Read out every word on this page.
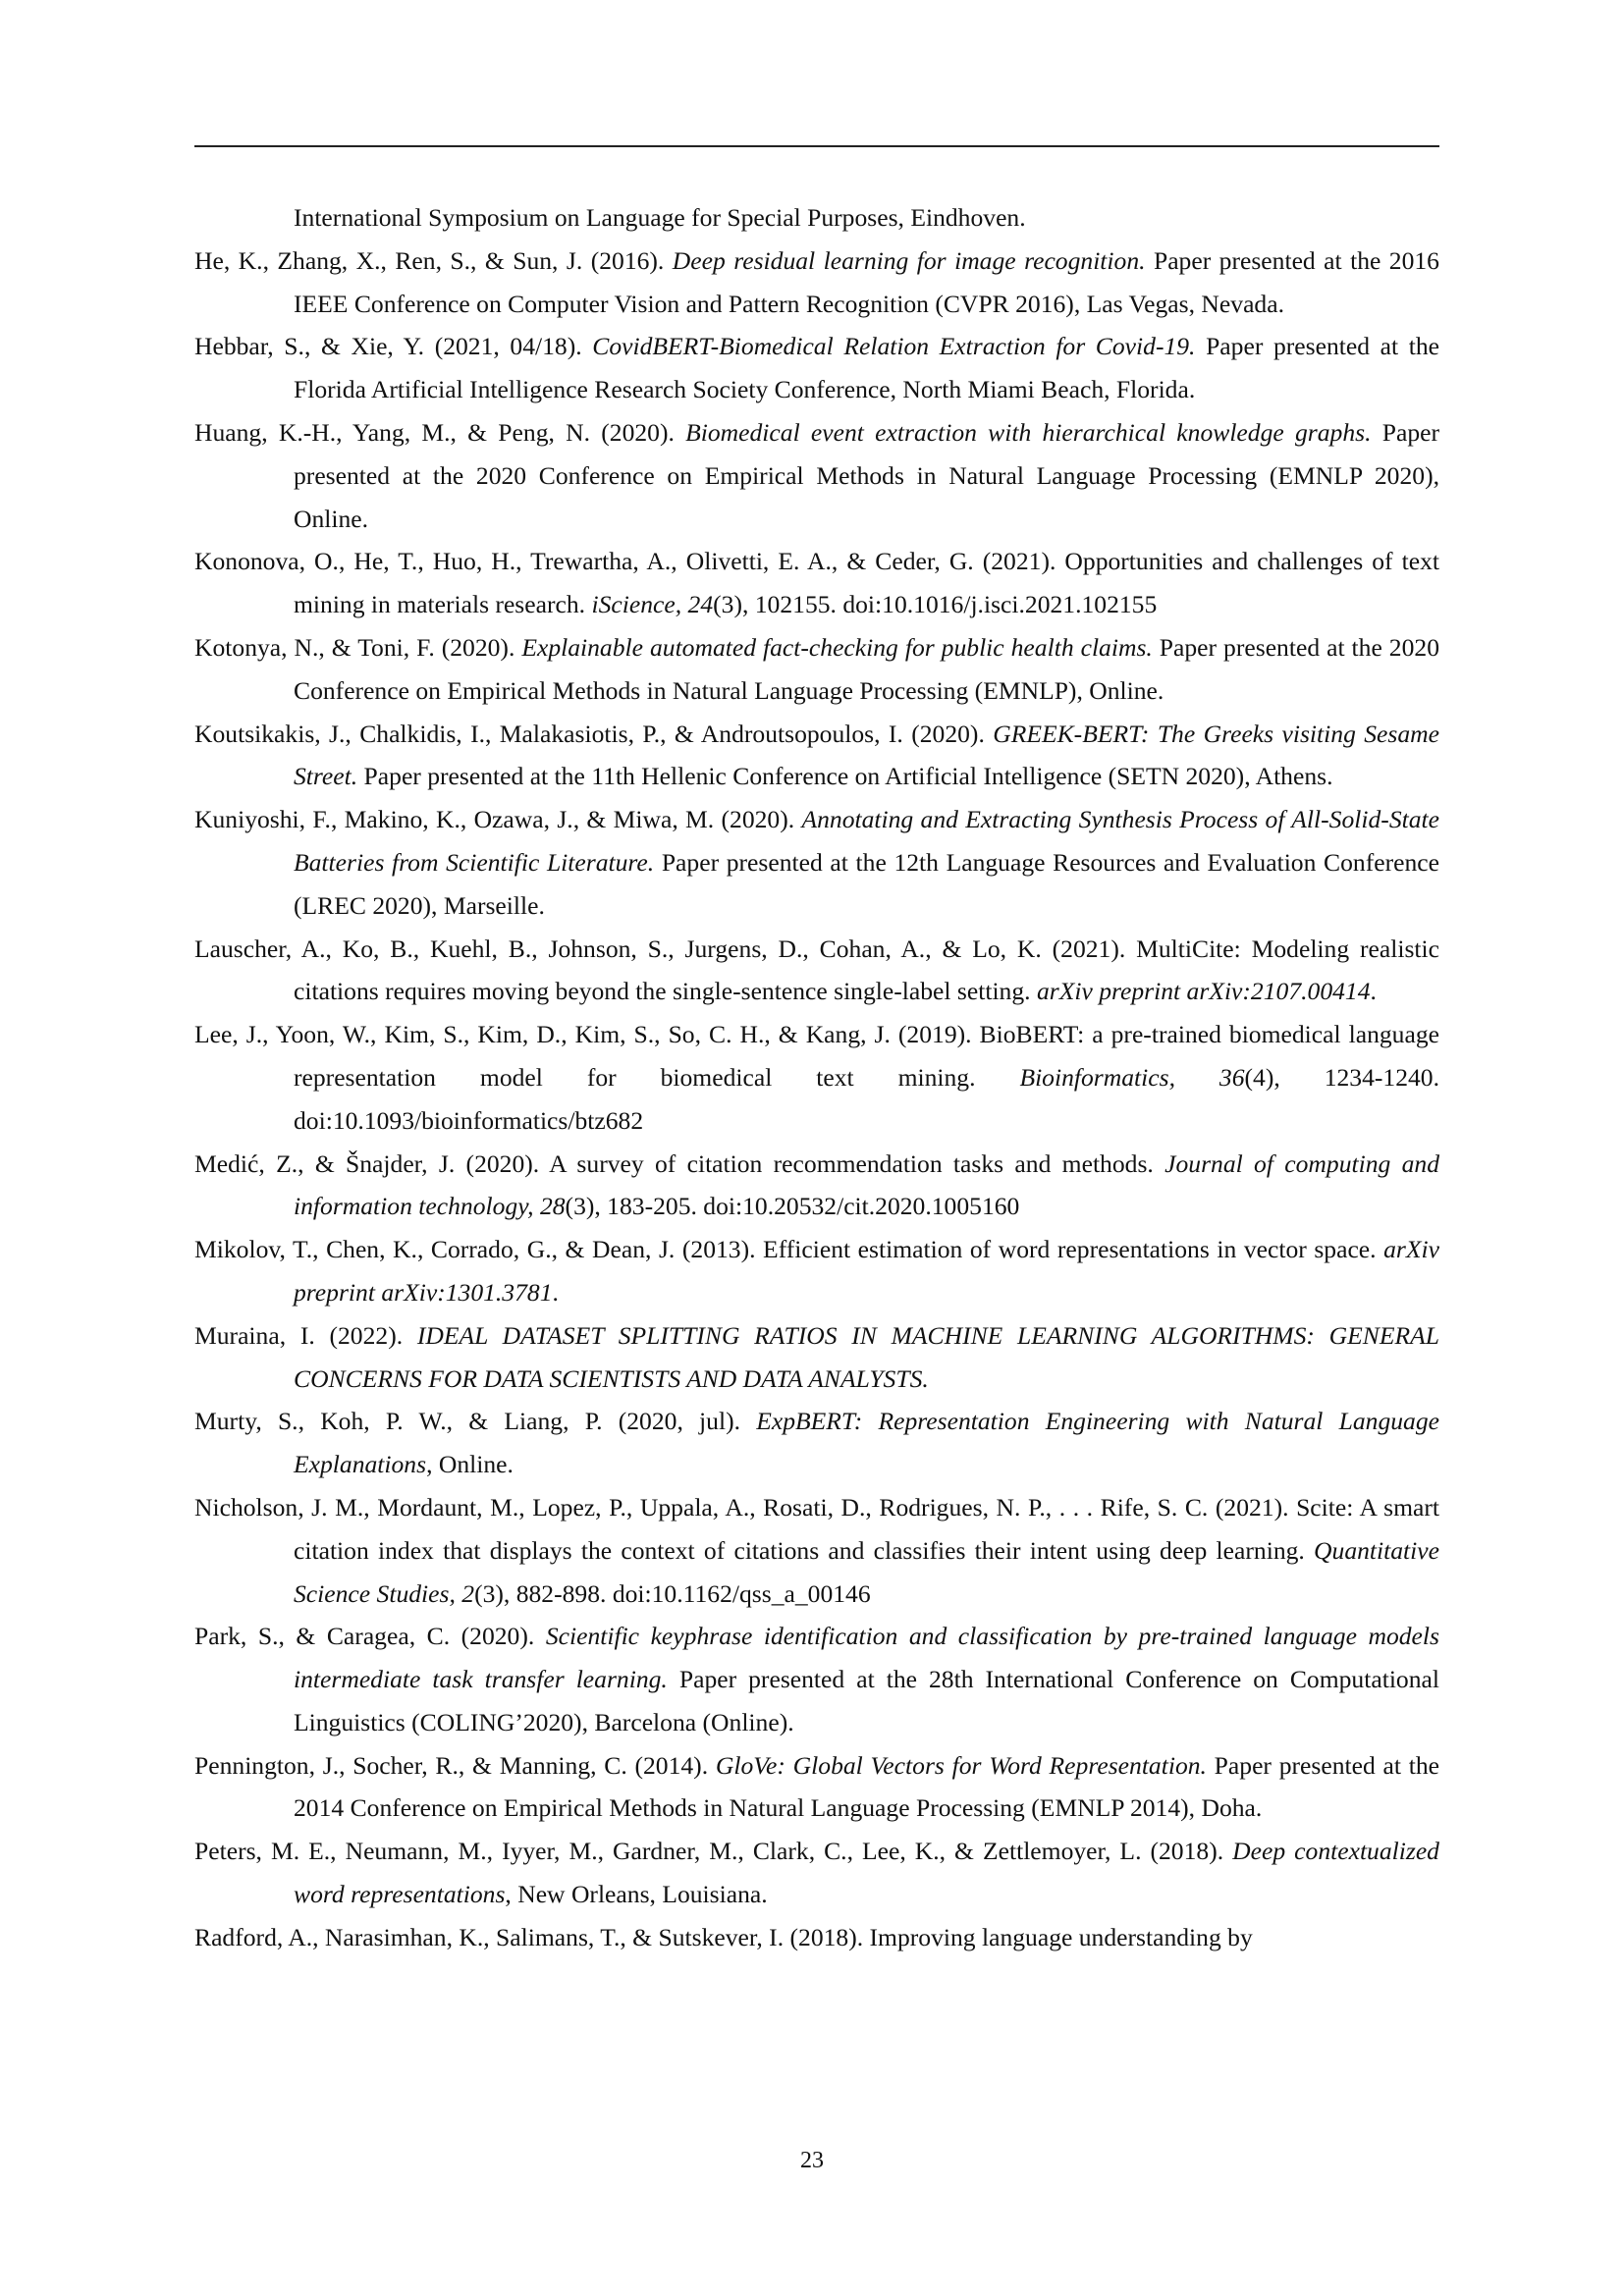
International Symposium on Language for Special Purposes, Eindhoven.

He, K., Zhang, X., Ren, S., & Sun, J. (2016). Deep residual learning for image recognition. Paper presented at the 2016 IEEE Conference on Computer Vision and Pattern Recognition (CVPR 2016), Las Vegas, Nevada.

Hebbar, S., & Xie, Y. (2021, 04/18). CovidBERT-Biomedical Relation Extraction for Covid-19. Paper presented at the Florida Artificial Intelligence Research Society Conference, North Miami Beach, Florida.

Huang, K.-H., Yang, M., & Peng, N. (2020). Biomedical event extraction with hierarchical knowledge graphs. Paper presented at the 2020 Conference on Empirical Methods in Natural Language Processing (EMNLP 2020), Online.

Kononova, O., He, T., Huo, H., Trewartha, A., Olivetti, E. A., & Ceder, G. (2021). Opportunities and challenges of text mining in materials research. iScience, 24(3), 102155. doi:10.1016/j.isci.2021.102155

Kotonya, N., & Toni, F. (2020). Explainable automated fact-checking for public health claims. Paper presented at the 2020 Conference on Empirical Methods in Natural Language Processing (EMNLP), Online.

Koutsikakis, J., Chalkidis, I., Malakasiotis, P., & Androutsopoulos, I. (2020). GREEK-BERT: The Greeks visiting Sesame Street. Paper presented at the 11th Hellenic Conference on Artificial Intelligence (SETN 2020), Athens.

Kuniyoshi, F., Makino, K., Ozawa, J., & Miwa, M. (2020). Annotating and Extracting Synthesis Process of All-Solid-State Batteries from Scientific Literature. Paper presented at the 12th Language Resources and Evaluation Conference (LREC 2020), Marseille.

Lauscher, A., Ko, B., Kuehl, B., Johnson, S., Jurgens, D., Cohan, A., & Lo, K. (2021). MultiCite: Modeling realistic citations requires moving beyond the single-sentence single-label setting. arXiv preprint arXiv:2107.00414.

Lee, J., Yoon, W., Kim, S., Kim, D., Kim, S., So, C. H., & Kang, J. (2019). BioBERT: a pre-trained biomedical language representation model for biomedical text mining. Bioinformatics, 36(4), 1234-1240. doi:10.1093/bioinformatics/btz682

Medić, Z., & Šnajder, J. (2020). A survey of citation recommendation tasks and methods. Journal of computing and information technology, 28(3), 183-205. doi:10.20532/cit.2020.1005160

Mikolov, T., Chen, K., Corrado, G., & Dean, J. (2013). Efficient estimation of word representations in vector space. arXiv preprint arXiv:1301.3781.

Muraina, I. (2022). IDEAL DATASET SPLITTING RATIOS IN MACHINE LEARNING ALGORITHMS: GENERAL CONCERNS FOR DATA SCIENTISTS AND DATA ANALYSTS.

Murty, S., Koh, P. W., & Liang, P. (2020, jul). ExpBERT: Representation Engineering with Natural Language Explanations, Online.

Nicholson, J. M., Mordaunt, M., Lopez, P., Uppala, A., Rosati, D., Rodrigues, N. P., . . . Rife, S. C. (2021). Scite: A smart citation index that displays the context of citations and classifies their intent using deep learning. Quantitative Science Studies, 2(3), 882-898. doi:10.1162/qss_a_00146

Park, S., & Caragea, C. (2020). Scientific keyphrase identification and classification by pre-trained language models intermediate task transfer learning. Paper presented at the 28th International Conference on Computational Linguistics (COLING’2020), Barcelona (Online).

Pennington, J., Socher, R., & Manning, C. (2014). GloVe: Global Vectors for Word Representation. Paper presented at the 2014 Conference on Empirical Methods in Natural Language Processing (EMNLP 2014), Doha.

Peters, M. E., Neumann, M., Iyyer, M., Gardner, M., Clark, C., Lee, K., & Zettlemoyer, L. (2018). Deep contextualized word representations, New Orleans, Louisiana.

Radford, A., Narasimhan, K., Salimans, T., & Sutskever, I. (2018). Improving language understanding by

23
